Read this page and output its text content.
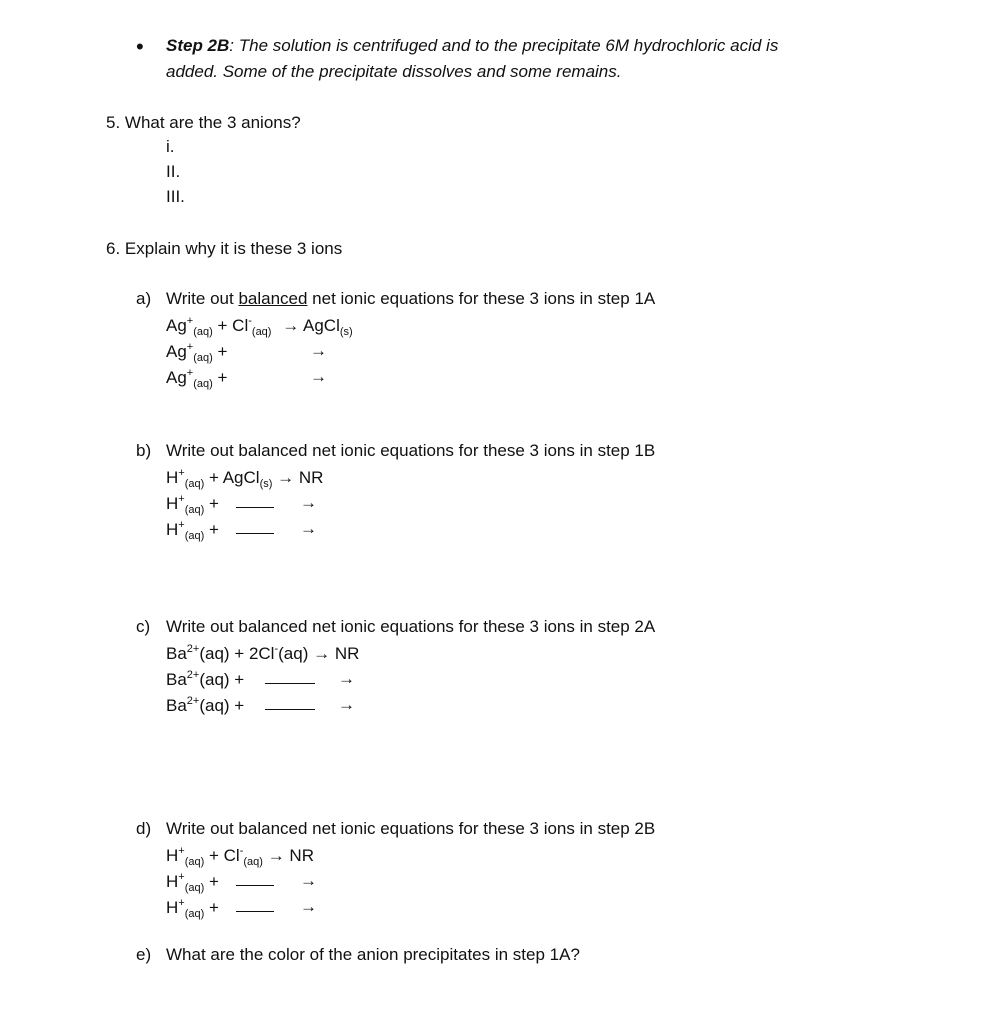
• Step 2B: The solution is centrifuged and to the precipitate 6M hydrochloric acid is
added. Some of the precipitate dissolves and some remains.
5. What are the 3 anions?
i.
II.
III.
6. Explain why it is these 3 ions
a) Write out balanced net ionic equations for these 3 ions in step 1A
$Ag^+_{(aq)} + Cl^-_{(aq)}$ → AgCl$_{(s)}$
$Ag^+_{(aq)}$ +	→
$Ag^+_{(aq)}$ +	→
b) Write out balanced net ionic equations for these 3 ions in step 1B
$H^+_{(aq)}$ + AgCl$_{(s)}$ → NR
$H^+_{(aq)}$ +	→
$H^+_{(aq)}$ +	→
c) Write out balanced net ionic equations for these 3 ions in step 2A
$Ba^{2+}(aq) + 2Cl^-(aq)$ → NR
$Ba^{2+}(aq)$ +	→
$Ba^{2+}(aq)$ +	→
d) Write out balanced net ionic equations for these 3 ions in step 2B
$H^+_{(aq)} + Cl^-_{(aq)}$ → NR
$H^+_{(aq)}$ +	→
$H^+_{(aq)}$ +	→
e) What are the color of the anion precipitates in step 1A?
